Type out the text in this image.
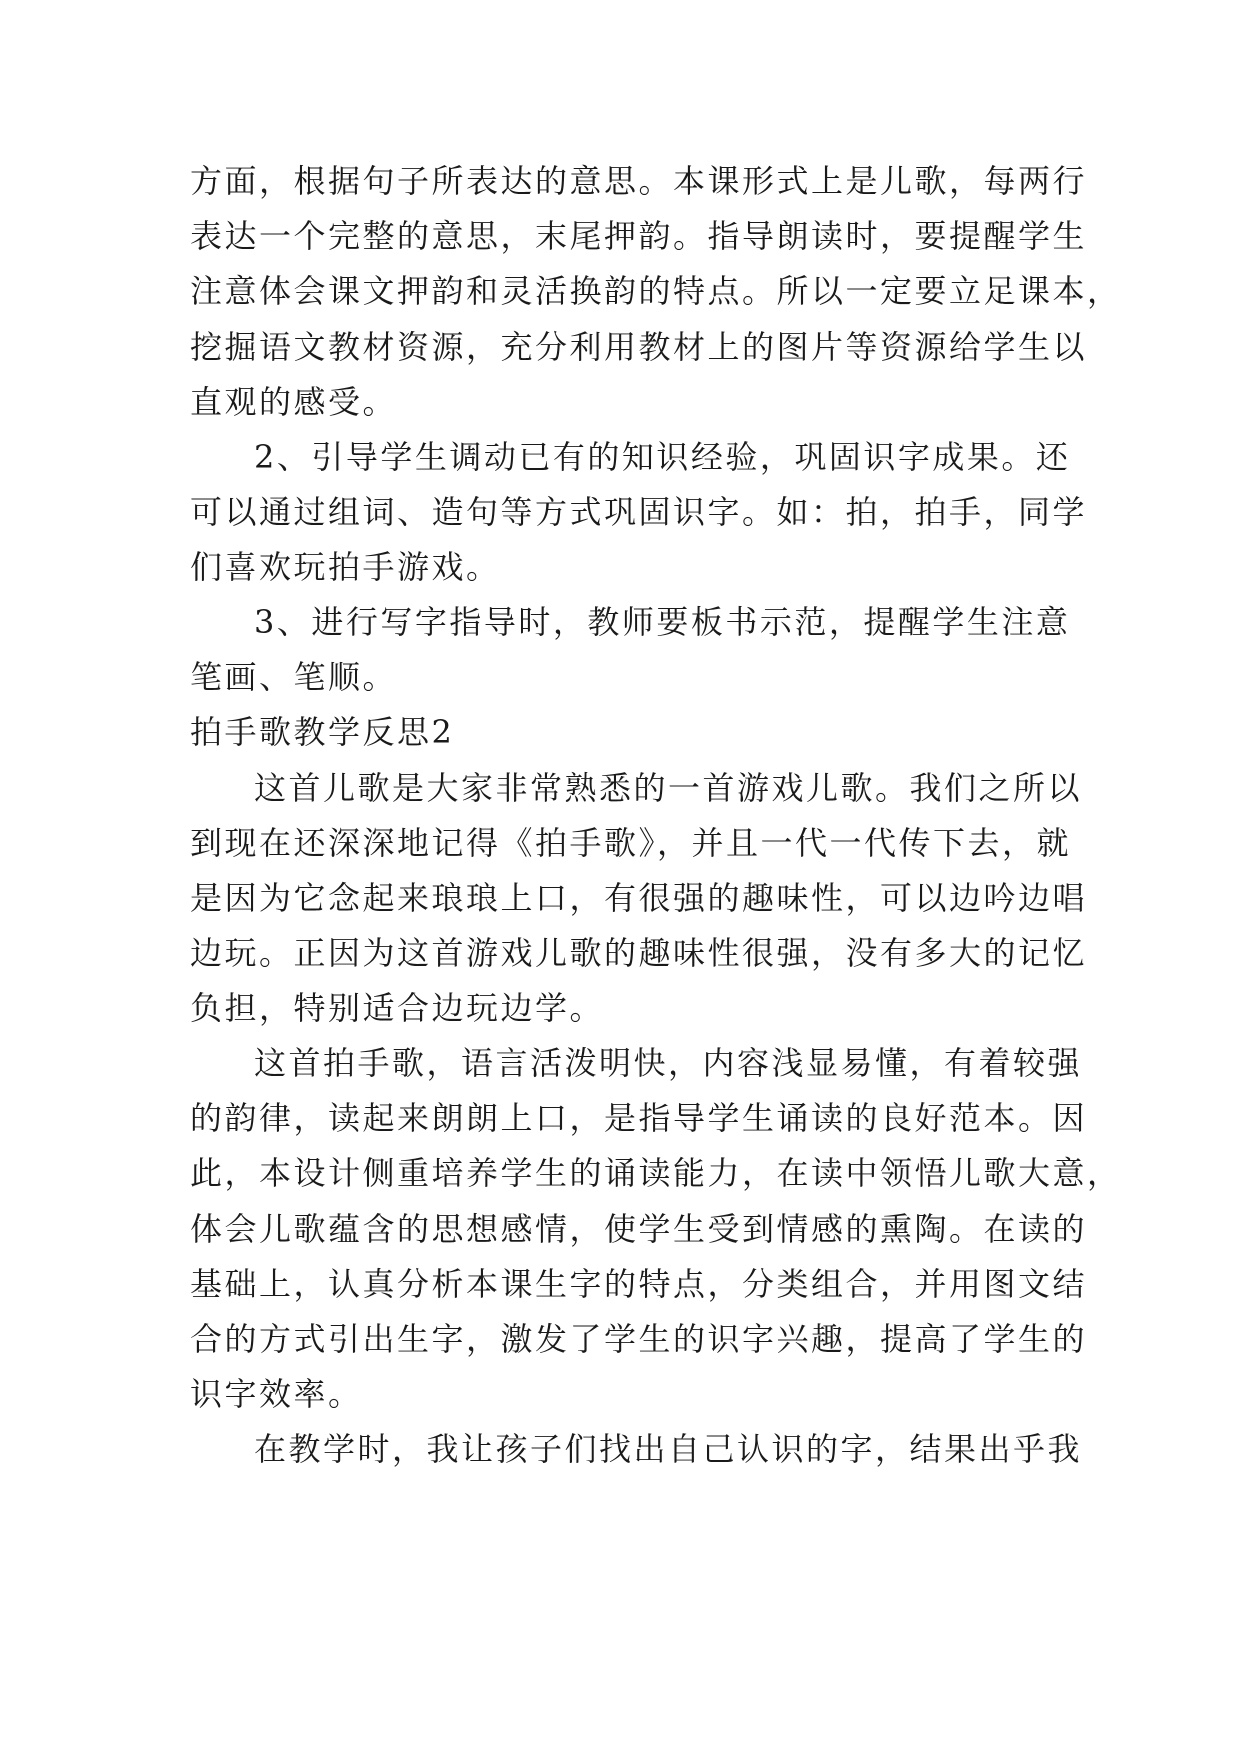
方面，根据句子所表达的意思。本课形式上是儿歌，每两行

表达一个完整的意思，末尾押韵。指导朗读时，要提醒学生

注意体会课文押韵和灵活换韵的特点。所以一定要立足课本，

挖掘语文教材资源，充分利用教材上的图片等资源给学生以

直观的感受。

2、引导学生调动已有的知识经验，巩固识字成果。还

可以通过组词、造句等方式巩固识字。如：拍，拍手，同学

们喜欢玩拍手游戏。

3、进行写字指导时，教师要板书示范，提醒学生注意

笔画、笔顺。

拍手歌教学反思2

这首儿歌是大家非常熟悉的一首游戏儿歌。我们之所以

到现在还深深地记得《拍手歌》，并且一代一代传下去，就

是因为它念起来琅琅上口，有很强的趣味性，可以边吟边唱

边玩。正因为这首游戏儿歌的趣味性很强，没有多大的记忆

负担，特别适合边玩边学。

这首拍手歌，语言活泼明快，内容浅显易懂，有着较强

的韵律，读起来朗朗上口，是指导学生诵读的良好范本。因

此，本设计侧重培养学生的诵读能力，在读中领悟儿歌大意，

体会儿歌蕴含的思想感情，使学生受到情感的熏陶。在读的

基础上，认真分析本课生字的特点，分类组合，并用图文结

合的方式引出生字，激发了学生的识字兴趣，提高了学生的

识字效率。

在教学时，我让孩子们找出自己认识的字，结果出乎我
